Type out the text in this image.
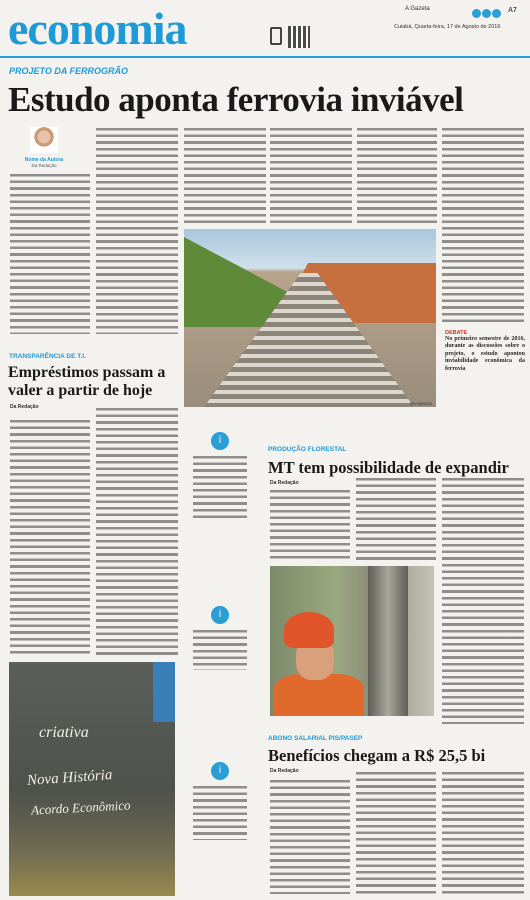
economia	A Gazeta	A7
Cuiabá, Quarta-feira, 17 de Agosto de 2016
PROJETO DA FERROGRÃO
Estudo aponta ferrovia inviável
Nome da Autora
Da Redação
Divulgação
DEBATE
No primeiro semestre de 2016, durante as discussões sobre o projeto, o estudo apontou inviabilidade econômica da ferrovia
TRANSPARÊNCIA DE T.I.
Empréstimos passam a valer a partir de hoje
Da Redação
criativa
Nova História
Acordo Econômico
i
i
i
PRODUÇÃO FLORESTAL
MT tem possibilidade de expandir
Da Redação
ABONO SALARIAL PIS/PASEP
Benefícios chegam a R$ 25,5 bi
Da Redação
